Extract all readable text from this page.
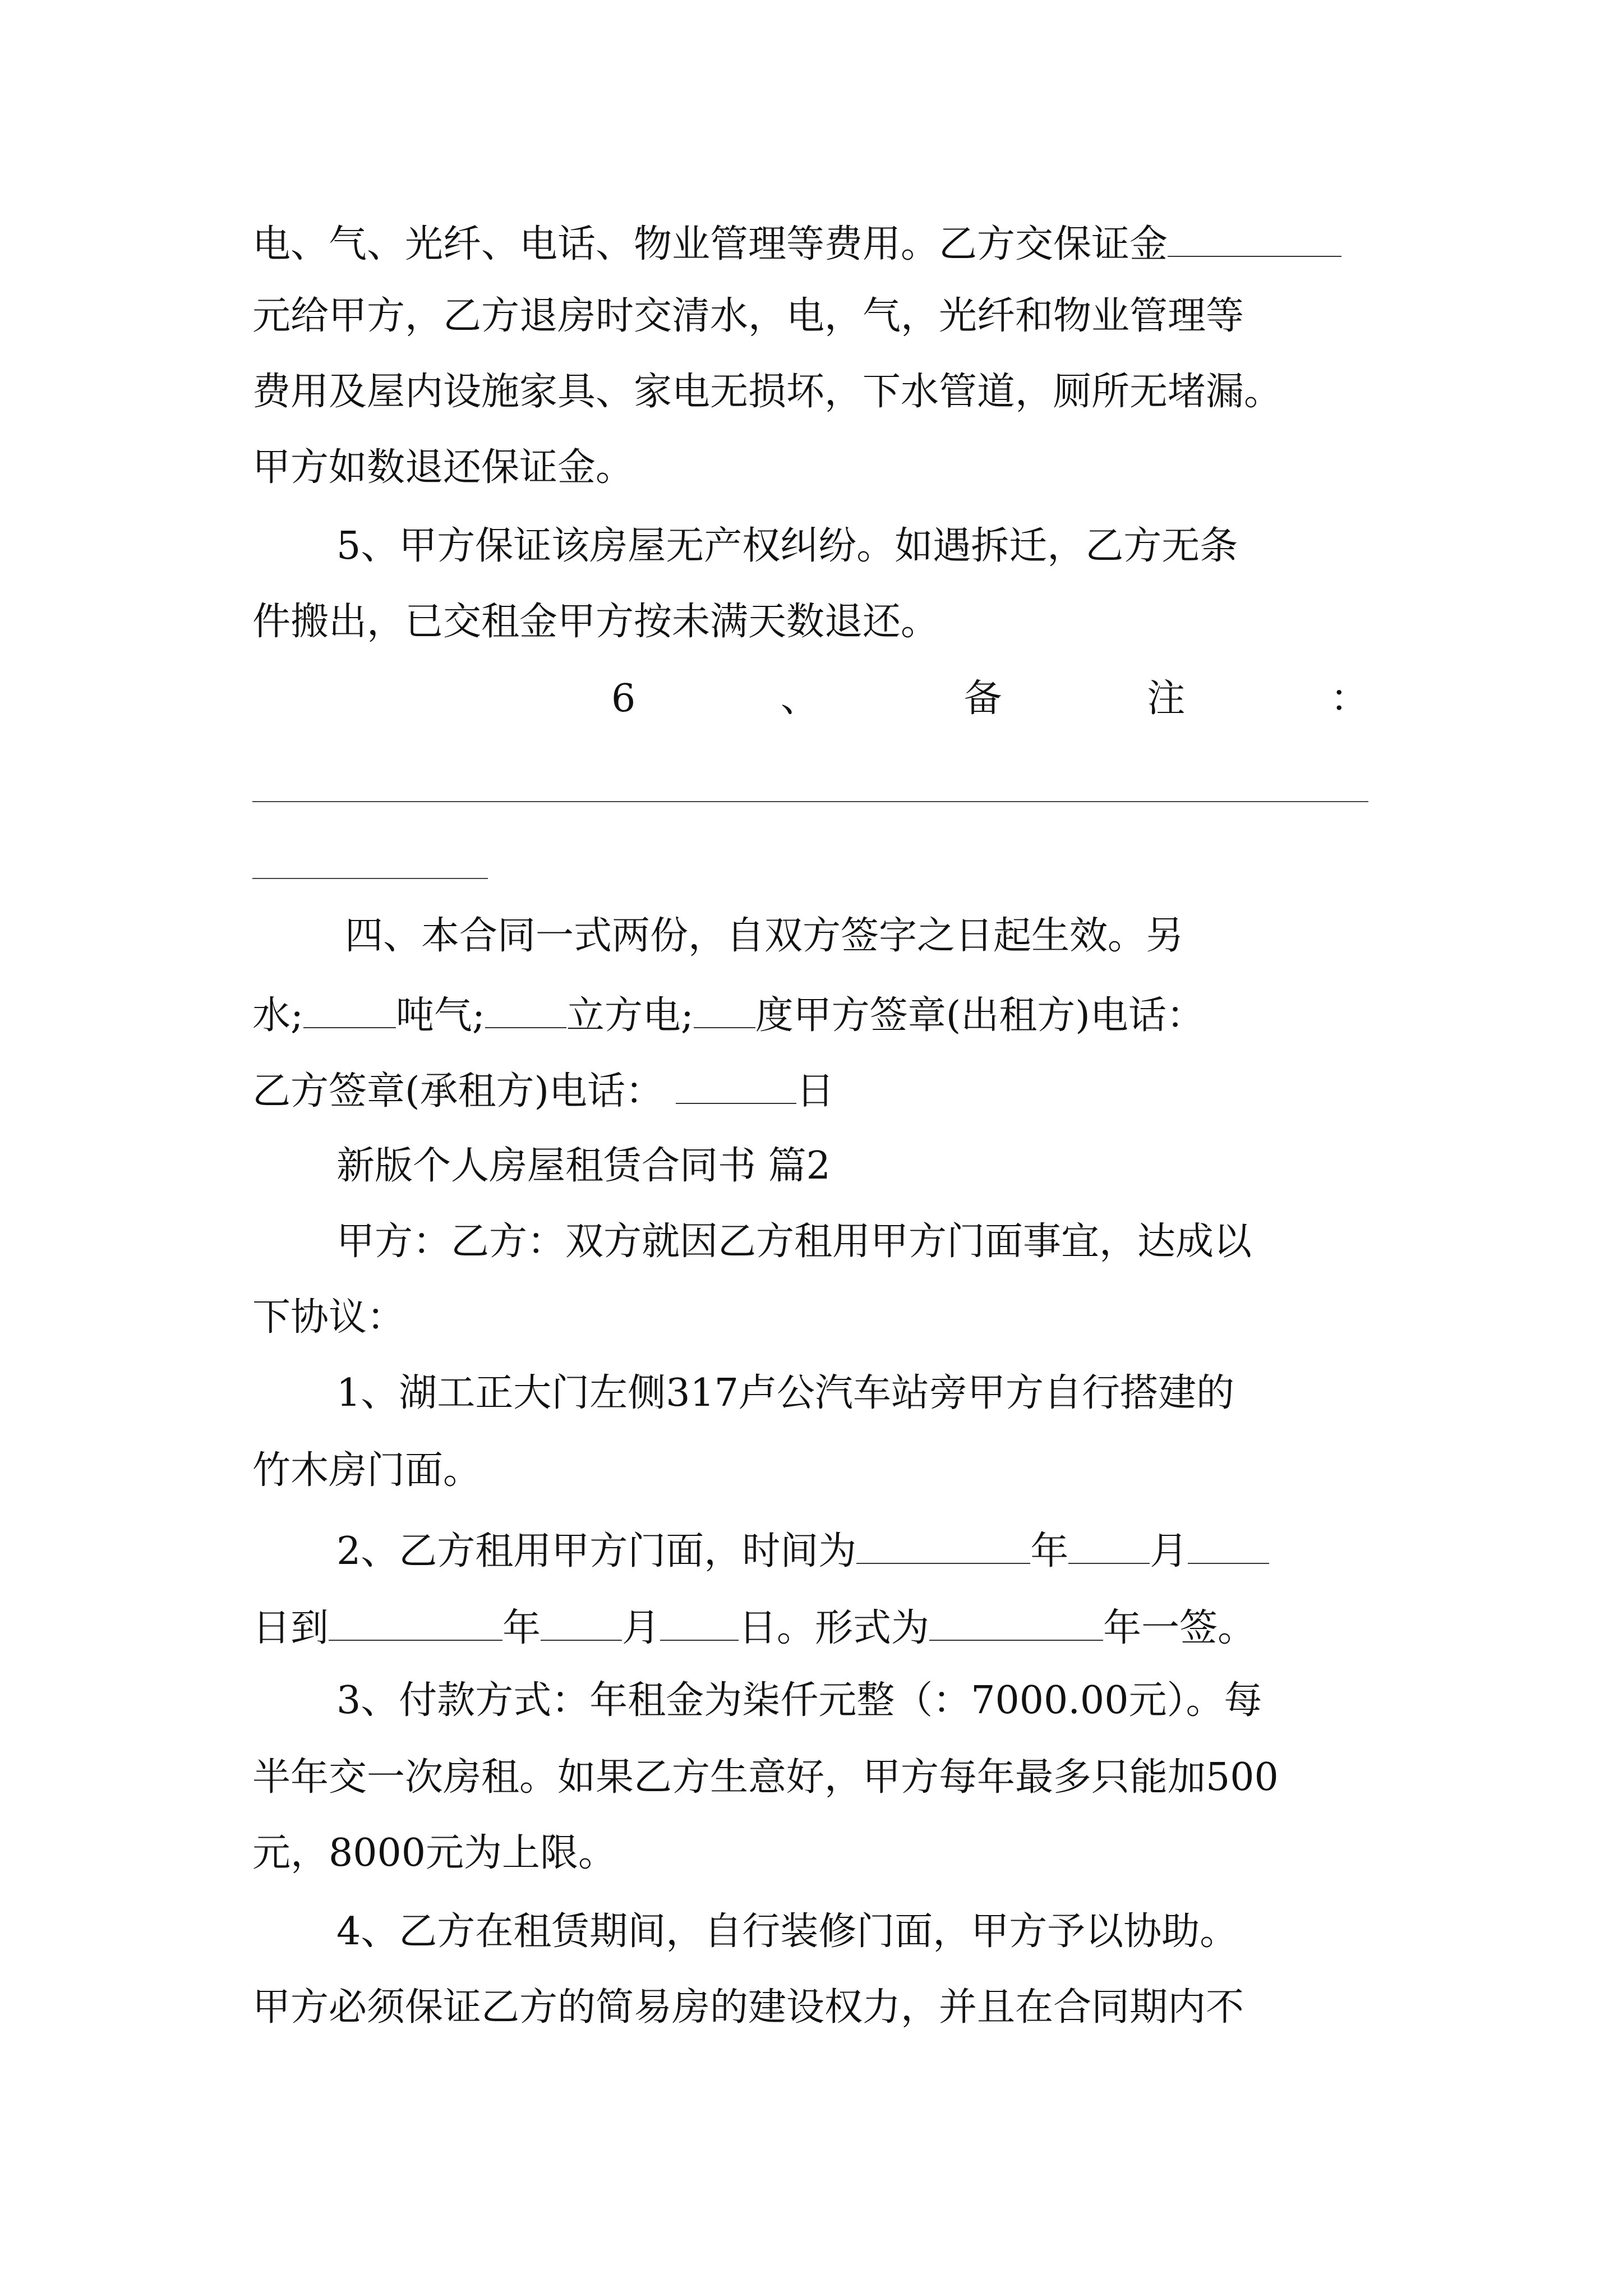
电、气、光纤、电话、物业管理等费用。乙方交保证金
元给甲方，乙方退房时交清水，电，气，光纤和物业管理等
费用及屋内设施家具、家电无损坏，下水管道，厕所无堵漏。
甲方如数退还保证金。
5、甲方保证该房屋无产权纠纷。如遇拆迁，乙方无条
件搬出，已交租金甲方按未满天数退还。
6	、	备	注	：
四、本合同一式两份，自双方签字之日起生效。另
水; 吨气; 立方电; 度甲方签章(出租方)电话：
乙方签章(承租方)电话：	日
新版个人房屋租赁合同书 篇2
甲方：乙方：双方就因乙方租用甲方门面事宜，达成以
下协议：
1、湖工正大门左侧317卢公汽车站旁甲方自行搭建的
竹木房门面。
2、乙方租用甲方门面，时间为	年 月
日到	年 月 日。形式为	年一签。
3、付款方式：年租金为柒仟元整（：7000.00元）。每
半年交一次房租。如果乙方生意好，甲方每年最多只能加500
元，8000元为上限。
4、乙方在租赁期间，自行装修门面，甲方予以协助。
甲方必须保证乙方的简易房的建设权力，并且在合同期内不
